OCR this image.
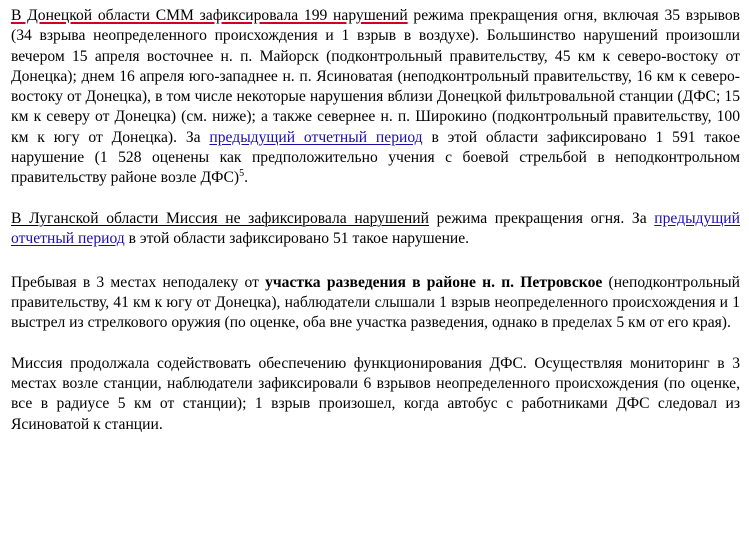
В Донецкой области СММ зафиксировала 199 нарушений режима прекращения огня, включая 35 взрывов (34 взрыва неопределенного происхождения и 1 взрыв в воздухе). Большинство нарушений произошли вечером 15 апреля восточнее н. п. Майорск (подконтрольный правительству, 45 км к северо-востоку от Донецка); днем 16 апреля юго-западнее н. п. Ясиноватая (неподконтрольный правительству, 16 км к северо-востоку от Донецка), в том числе некоторые нарушения вблизи Донецкой фильтровальной станции (ДФС; 15 км к северу от Донецка) (см. ниже); а также севернее н. п. Широкино (подконтрольный правительству, 100 км к югу от Донецка). За предыдущий отчетный период в этой области зафиксировано 1 591 такое нарушение (1 528 оценены как предположительно учения с боевой стрельбой в неподконтрольном правительству районе возле ДФС)$^5$.

В Луганской области Миссия не зафиксировала нарушений режима прекращения огня. За предыдущий отчетный период в этой области зафиксировано 51 такое нарушение.

Пребывая в 3 местах неподалеку от участка разведения в районе н. п. Петровское (неподконтрольный правительству, 41 км к югу от Донецка), наблюдатели слышали 1 взрыв неопределенного происхождения и 1 выстрел из стрелкового оружия (по оценке, оба вне участка разведения, однако в пределах 5 км от его края).

Миссия продолжала содействовать обеспечению функционирования ДФС. Осуществляя мониторинг в 3 местах возле станции, наблюдатели зафиксировали 6 взрывов неопределенного происхождения (по оценке, все в радиусе 5 км от станции); 1 взрыв произошел, когда автобус с работниками ДФС следовал из Ясиноватой к станции.
